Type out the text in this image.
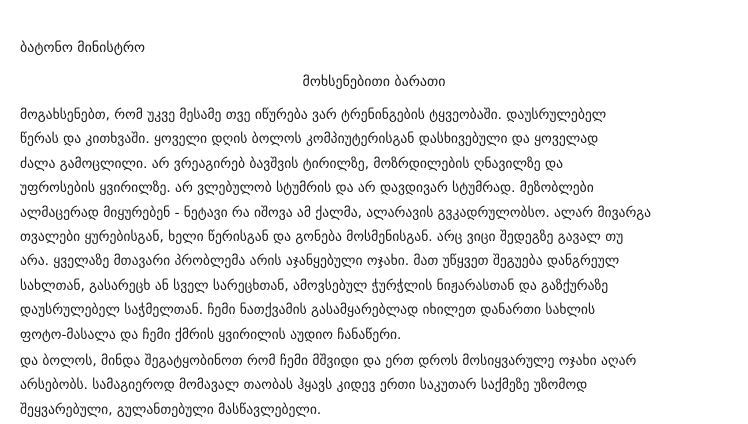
ბატონო მინისტრო
მოხსენებითი ბარათი
მოგახსენებთ, რომ უკვე მესამე თვე იწურება ვარ ტრენინგების ტყვეობაში. დაუსრულებელ
წერას და კითხვაში. ყოველი დღის ბოლოს კომპიუტერისგან დასხივებული და ყოველად
ძალა გამოცლილი. არ ვრეაგირებ ბავშვის ტირილზე, მოზრდილების ღნავილზე და
უფროსების ყვირილზე. არ ვლებულობ სტუმრის და არ დავდივარ სტუმრად. მეზობლები
ალმაცერად მიყურებენ - ნეტავი რა იშოვა ამ ქალმა, ალარავის გვკადრულობსო. ალარ მივარგა
თვალები ყურებისგან, ხელი წერისგან და გონება მოსმენისგან. არც ვიცი შედეგზე გავალ თუ
არა. ყველაზე მთავარი პრობლემა არის აჯანყებული ოჯახი. მათ უწყვეთ შეგუება დანგრეულ
სახლთან, გასარეცხ ან სველ სარეცხთან, ამოვსებულ ჭურჭლის ნიჟარასთან და გაზქურაზე
დაუსრულებელ საჭმელთან. ჩემი ნათქვამის გასამყარებლად იხილეთ დანართი სახლის
ფოტო-მასალა და ჩემი ქმრის ყვირილის აუდიო ჩანაწერი.
და ბოლოს, მინდა შეგატყობინოთ რომ ჩემი მშვიდი და ერთ დროს მოსიყვარულე ოჯახი აღარ
არსებობს. სამაგიეროდ მომავალ თაობას ჰყავს კიდევ ერთი საკუთარ საქმეზე უზომოდ
შეყვარებული, გულანთებული მასწავლებელი.
